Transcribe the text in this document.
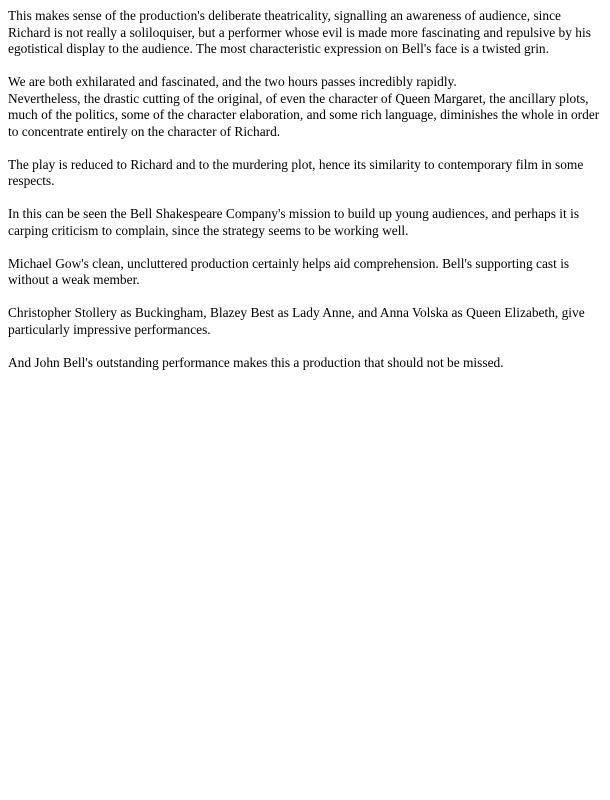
This makes sense of the production's deliberate theatricality, signalling an awareness of audience, since Richard is not really a soliloquiser, but a performer whose evil is made more fascinating and repulsive by his egotistical display to the audience. The most characteristic expression on Bell's face is a twisted grin.

We are both exhilarated and fascinated, and the two hours passes incredibly rapidly.

Nevertheless, the drastic cutting of the original, of even the character of Queen Margaret, the ancillary plots, much of the politics, some of the character elaboration, and some rich language, diminishes the whole in order to concentrate entirely on the character of Richard.

The play is reduced to Richard and to the murdering plot, hence its similarity to contemporary film in some respects.

In this can be seen the Bell Shakespeare Company's mission to build up young audiences, and perhaps it is carping criticism to complain, since the strategy seems to be working well.

Michael Gow's clean, uncluttered production certainly helps aid comprehension. Bell's supporting cast is without a weak member.

Christopher Stollery as Buckingham, Blazey Best as Lady Anne, and Anna Volska as Queen Elizabeth, give particularly impressive performances.

And John Bell's outstanding performance makes this a production that should not be missed.
